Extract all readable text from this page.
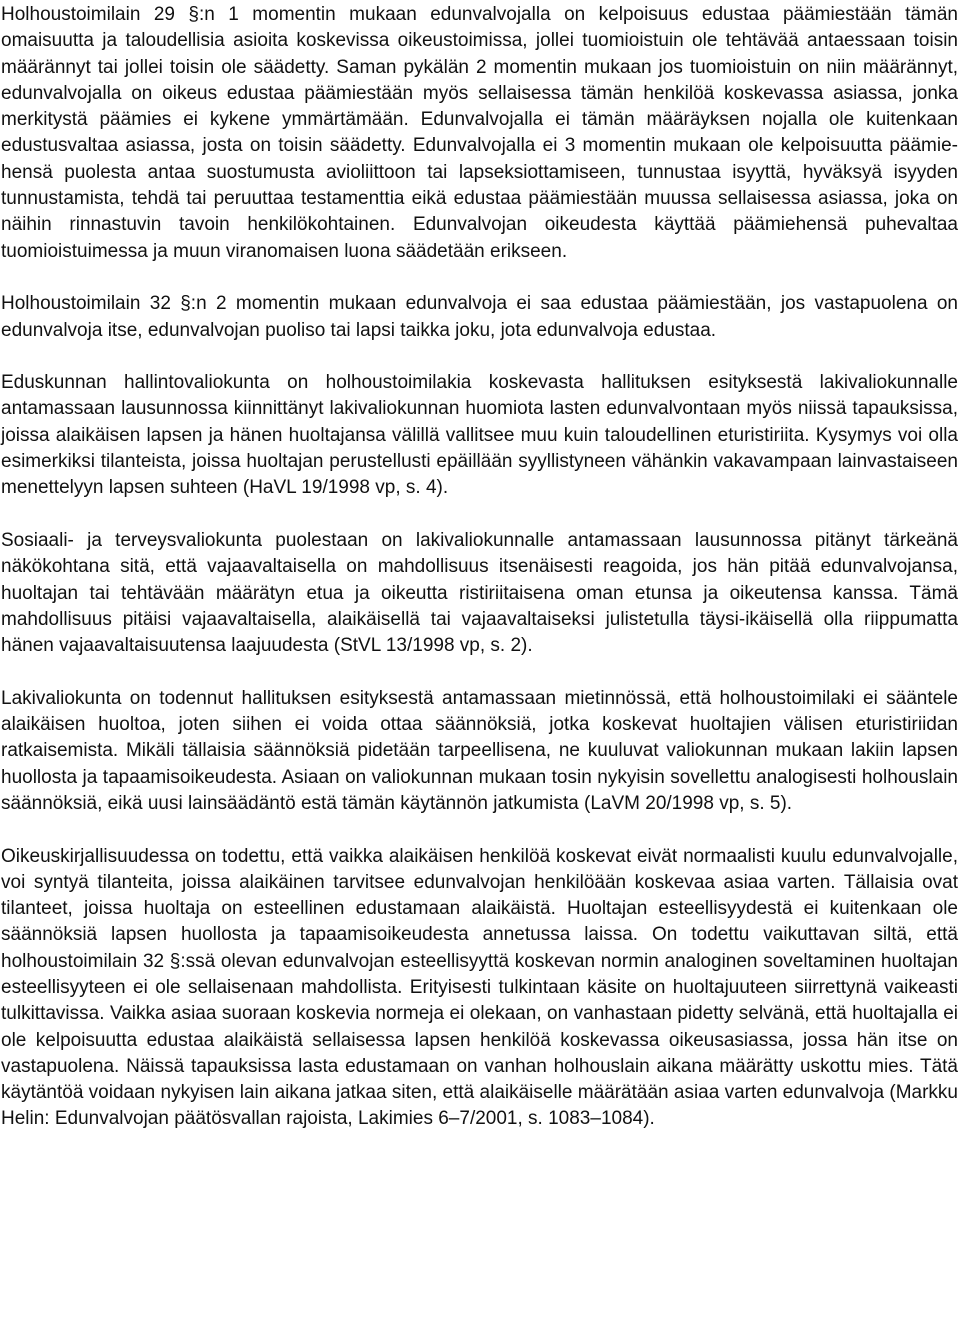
Holhoustoimilain 29 §:n 1 momentin mukaan edunvalvojalla on kelpoisuus edustaa päämiestään tämän omaisuutta ja taloudellisia asioita koskevissa oikeustoimissa, jollei tuomioistuin ole tehtävää antaessaan toisin määrännyt tai jollei toisin ole säädetty. Saman pykälän 2 momentin mukaan jos tuomioistuin on niin määrännyt, edunvalvojalla on oikeus edustaa päämiestään myös sellaisessa tämän henkilöä koskevassa asiassa, jonka merkitystä päämies ei kykene ymmärtämään. Edunvalvojalla ei tämän määräyksen nojalla ole kuitenkaan edustusvaltaa asiassa, josta on toisin säädetty. Edunvalvojalla ei 3 momentin mukaan ole kelpoisuutta päämiehensä puolesta antaa suostumusta avioliittoon tai lapseksiottamiseen, tunnustaa isyyttä, hyväksyä isyyden tunnustamista, tehdä tai peruuttaa testamenttia eikä edustaa päämiestään muussa sellaisessa asiassa, joka on näihin rinnastuvin tavoin henkilökohtainen. Edunvalvojan oikeudesta käyttää päämiehensä puhevaltaa tuomioistuimessa ja muun viranomaisen luona säädetään erikseen.

Holhoustoimilain 32 §:n 2 momentin mukaan edunvalvoja ei saa edustaa päämiestään, jos vastapuolena on edunvalvoja itse, edunvalvojan puoliso tai lapsi taikka joku, jota edunvalvoja edustaa.

Eduskunnan hallintovaliokunta on holhoustoimilakia koskevasta hallituksen esityksestä lakivaliokunnalle antamassaan lausunnossa kiinnittänyt lakivaliokunnan huomiota lasten edunvalvontaan myös niissä tapauksissa, joissa alaikäisen lapsen ja hänen huoltajansa välillä vallitsee muu kuin taloudellinen eturistiriita. Kysymys voi olla esimerkiksi tilanteista, joissa huoltajan perustellusti epäillään syyllistyneen vähänkin vakavampaan lainvastaiseen menettelyyn lapsen suhteen (HaVL 19/1998 vp, s. 4).

Sosiaali- ja terveysvaliokunta puolestaan on lakivaliokunnalle antamassaan lausunnossa pitänyt tärkeänä näkökohtana sitä, että vajaavaltaisella on mahdollisuus itsenäisesti reagoida, jos hän pitää edunvalvojansa, huoltajan tai tehtävään määrätyn etua ja oikeutta ristiriitaisena oman etunsa ja oikeutensa kanssa. Tämä mahdollisuus pitäisi vajaavaltaisella, alaikäisellä tai vajaavaltaiseksi julistetulla täysi-ikäisellä olla riippumatta hänen vajaavaltaisuutensa laajuudesta (StVL 13/1998 vp, s. 2).

Lakivaliokunta on todennut hallituksen esityksestä antamassaan mietinnössä, että holhoustoimilaki ei sääntele alaikäisen huoltoa, joten siihen ei voida ottaa säännöksiä, jotka koskevat huoltajien välisen eturistiriidan ratkaisemista. Mikäli tällaisia säännöksiä pidetään tarpeellisena, ne kuuluvat valiokunnan mukaan lakiin lapsen huollosta ja tapaamisoikeudesta. Asiaan on valiokunnan mukaan tosin nykyisin sovellettu analogisesti holhouslain säännöksiä, eikä uusi lainsäädäntö estä tämän käytännön jatkumista (LaVM 20/1998 vp, s. 5).

Oikeuskirjallisuudessa on todettu, että vaikka alaikäisen henkilöä koskevat eivät normaalisti kuulu edunvalvojalle, voi syntyä tilanteita, joissa alaikäinen tarvitsee edunvalvojan henkilöään koskevaa asiaa varten. Tällaisia ovat tilanteet, joissa huoltaja on esteellinen edustamaan alaikäistä. Huoltajan esteellisyydestä ei kuitenkaan ole säännöksiä lapsen huollosta ja tapaamisoikeudesta annetussa laissa. On todettu vaikuttavan siltä, että holhoustoimilain 32 §:ssä olevan edunvalvojan esteellisyyttä koskevan normin analoginen soveltaminen huoltajan esteellisyyteen ei ole sellaisenaan mahdollista. Erityisesti tulkintaan käsite on huoltajuuteen siirrettynä vaikeasti tulkittavissa. Vaikka asiaa suoraan koskevia normeja ei olekaan, on vanhastaan pidetty selvänä, että huoltajalla ei ole kelpoisuutta edustaa alaikäistä sellaisessa lapsen henkilöä koskevassa oikeusasiassa, jossa hän itse on vastapuolena. Näissä tapauksissa lasta edustamaan on vanhan holhouslain aikana määrätty uskottu mies. Tätä käytäntöä voidaan nykyisen lain aikana jatkaa siten, että alaikäiselle määrätään asiaa varten edunvalvoja (Markku Helin: Edunvalvojan päätösvallan rajoista, Lakimies 6–7/2001, s. 1083–1084).
